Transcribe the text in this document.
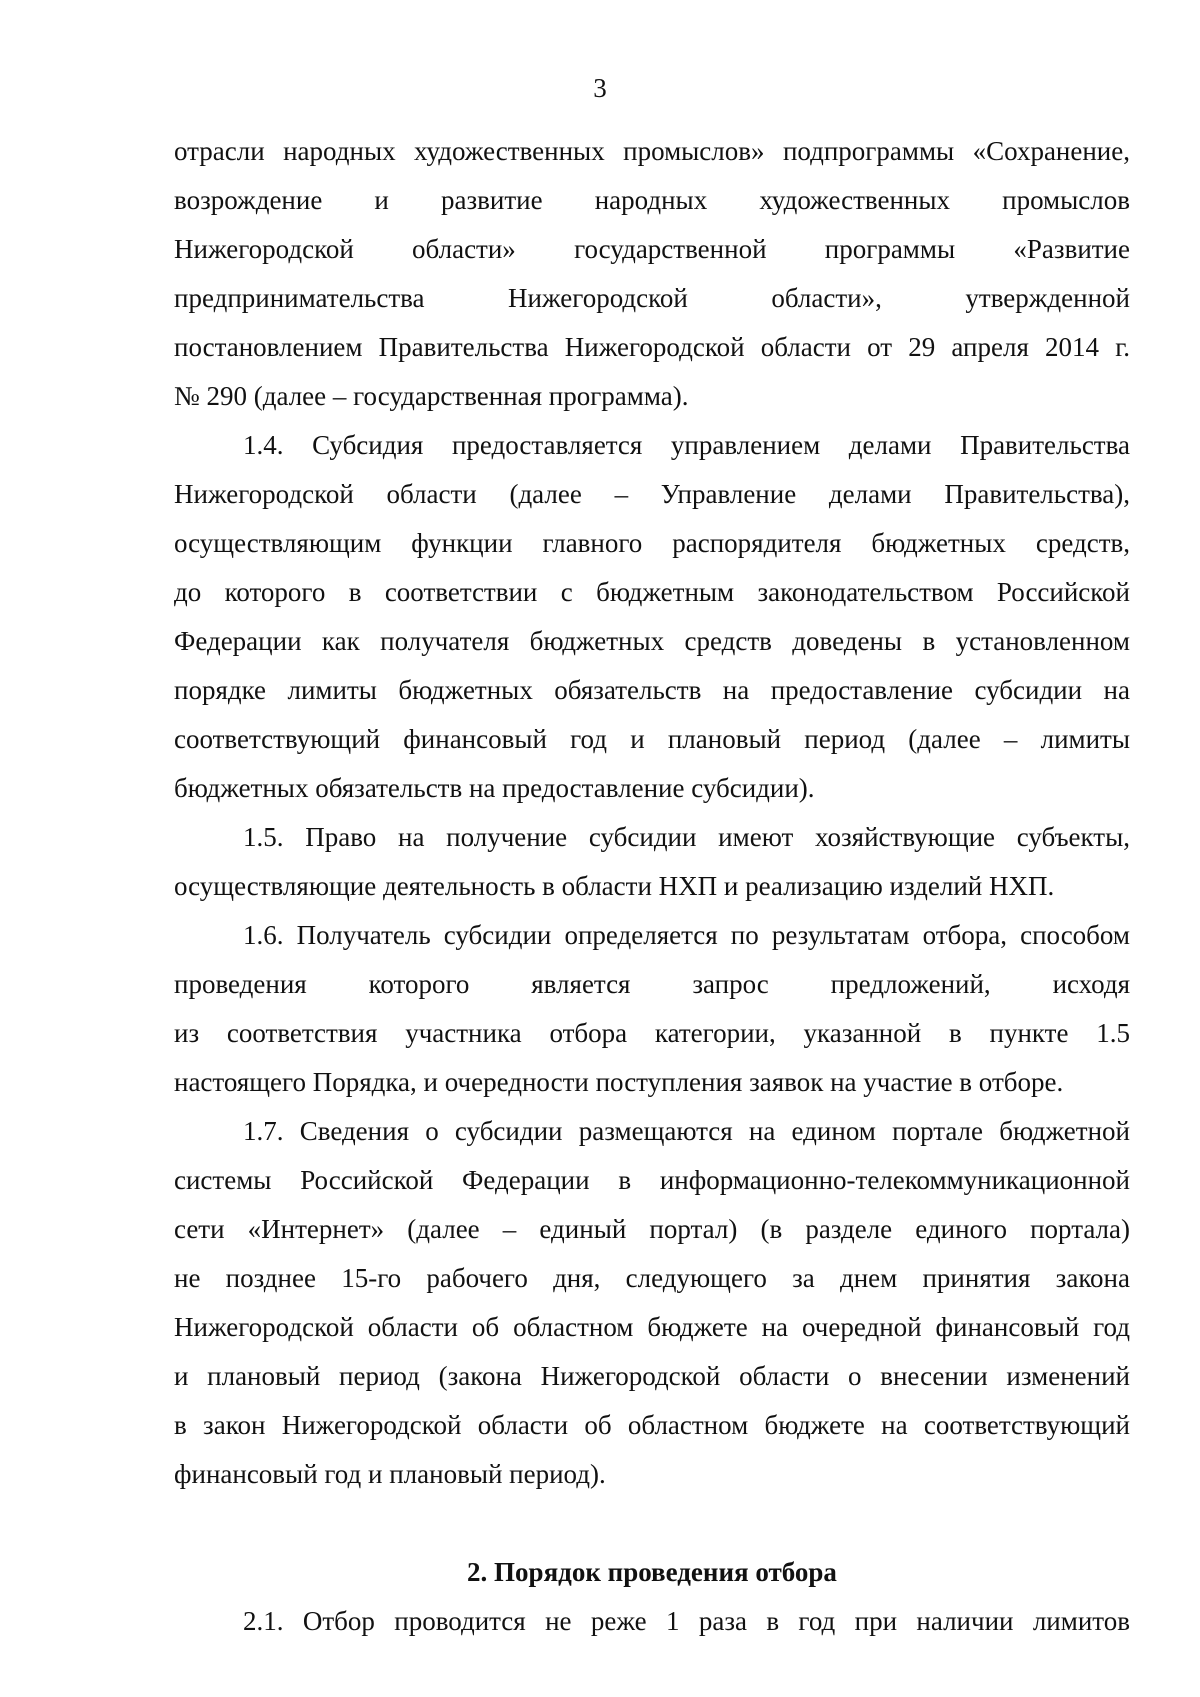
3
отрасли народных художественных промыслов» подпрограммы «Сохранение,
возрождение и развитие народных художественных промыслов
Нижегородской области» государственной программы «Развитие
предпринимательства Нижегородской области», утвержденной
постановлением Правительства Нижегородской области от 29 апреля 2014 г.
№ 290 (далее – государственная программа).
1.4. Субсидия предоставляется управлением делами Правительства
Нижегородской области (далее – Управление делами Правительства),
осуществляющим функции главного распорядителя бюджетных средств,
до которого в соответствии с бюджетным законодательством Российской
Федерации как получателя бюджетных средств доведены в установленном
порядке лимиты бюджетных обязательств на предоставление субсидии на
соответствующий финансовый год и плановый период (далее – лимиты
бюджетных обязательств на предоставление субсидии).
1.5. Право на получение субсидии имеют хозяйствующие субъекты,
осуществляющие деятельность в области НХП и реализацию изделий НХП.
1.6. Получатель субсидии определяется по результатам отбора, способом
проведения которого является запрос предложений, исходя
из соответствия участника отбора категории, указанной в пункте 1.5
настоящего Порядка, и очередности поступления заявок на участие в отборе.
1.7. Сведения о субсидии размещаются на едином портале бюджетной
системы Российской Федерации в информационно-телекоммуникационной
сети «Интернет» (далее – единый портал) (в разделе единого портала)
не позднее 15-го рабочего дня, следующего за днем принятия закона
Нижегородской области об областном бюджете на очередной финансовый год
и плановый период (закона Нижегородской области о внесении изменений
в закон Нижегородской области об областном бюджете на соответствующий
финансовый год и плановый период).
2. Порядок проведения отбора
2.1. Отбор проводится не реже 1 раза в год при наличии лимитов
